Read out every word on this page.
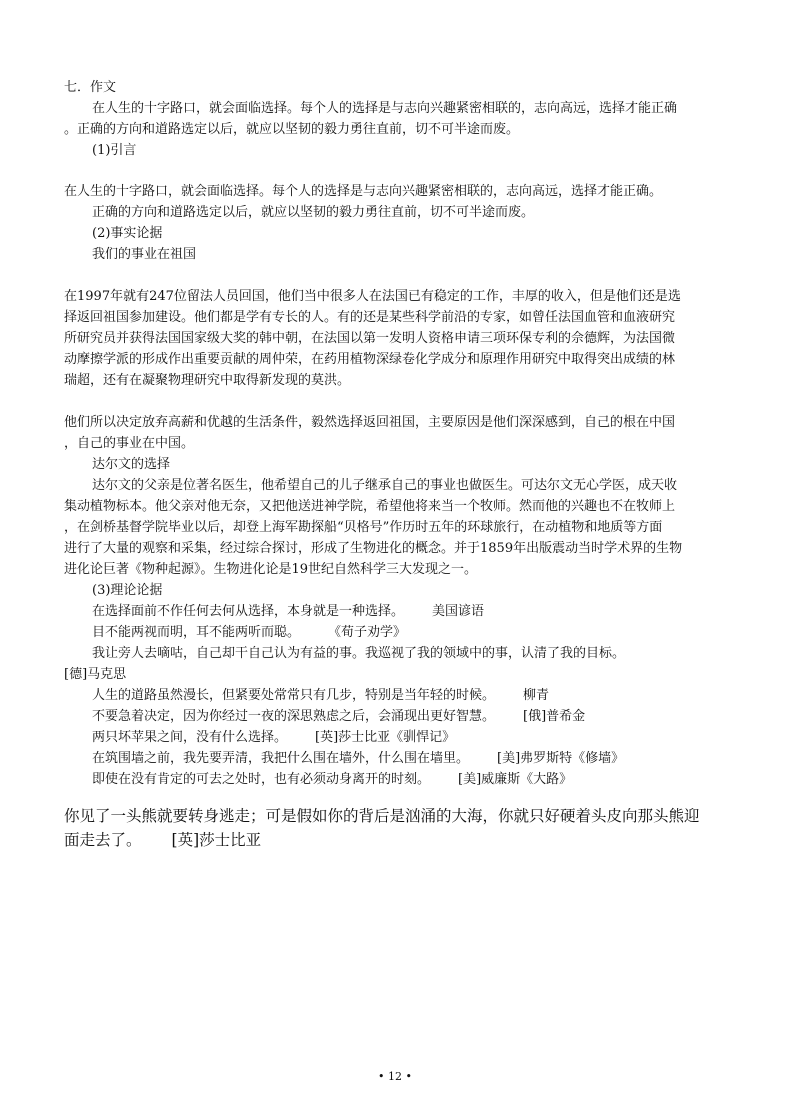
七．作文
在人生的十字路口，就会面临选择。每个人的选择是与志向兴趣紧密相联的，志向高远，选择才能正确
。正确的方向和道路选定以后，就应以坚韧的毅力勇往直前，切不可半途而废。
(1)引言
在人生的十字路口，就会面临选择。每个人的选择是与志向兴趣紧密相联的，志向高远，选择才能正确。
正确的方向和道路选定以后，就应以坚韧的毅力勇往直前，切不可半途而废。
(2)事实论据
我们的事业在祖国
在1997年就有247位留法人员回国，他们当中很多人在法国已有稳定的工作，丰厚的收入，但是他们还是选
择返回祖国参加建设。他们都是学有专长的人。有的还是某些科学前沿的专家，如曾任法国血管和血液研究
所研究员并获得法国国家级大奖的韩中朝，在法国以第一发明人资格申请三项环保专利的佘德辉，为法国微
动摩擦学派的形成作出重要贡献的周仲荣，在药用植物深绿卷化学成分和原理作用研究中取得突出成绩的林
瑞超，还有在凝聚物理研究中取得新发现的莫洪。
他们所以决定放弃高薪和优越的生活条件，毅然选择返回祖国，主要原因是他们深深感到，自己的根在中国
，自己的事业在中国。
达尔文的选择
达尔文的父亲是位著名医生，他希望自己的儿子继承自己的事业也做医生。可达尔文无心学医，成天收
集动植物标本。他父亲对他无奈，又把他送进神学院，希望他将来当一个牧师。然而他的兴趣也不在牧师上
，在剑桥基督学院毕业以后，却登上海军勘探船“贝格号”作历时五年的环球旅行，在动植物和地质等方面
进行了大量的观察和采集，经过综合探讨，形成了生物进化的概念。并于1859年出版震动当时学术界的生物
进化论巨著《物种起源》。生物进化论是19世纪自然科学三大发现之一。
(3)理论论据
在选择面前不作任何去何从选择，本身就是一种选择。 美国谚语
目不能两视而明，耳不能两听而聪。 《荀子劝学》
我让旁人去嘀咕，自己却干自己认为有益的事。我巡视了我的领域中的事，认清了我的目标。
[德]马克思
人生的道路虽然漫长，但紧要处常常只有几步，特别是当年轻的时候。 柳青
不要急着决定，因为你经过一夜的深思熟虑之后，会涌现出更好智慧。 [俄]普希金
两只坏苹果之间，没有什么选择。 [英]莎士比亚《驯悍记》
在筑围墙之前，我先要弄清，我把什么围在墙外，什么围在墙里。 [美]弗罗斯特《修墙》
即使在没有肯定的可去之处时，也有必须动身离开的时刻。 [美]威廉斯《大路》
你见了一头熊就要转身逃走；可是假如你的背后是汹涌的大海，你就只好硬着头皮向那头熊迎
面走去了。 [英]莎士比亚
• 12 •
